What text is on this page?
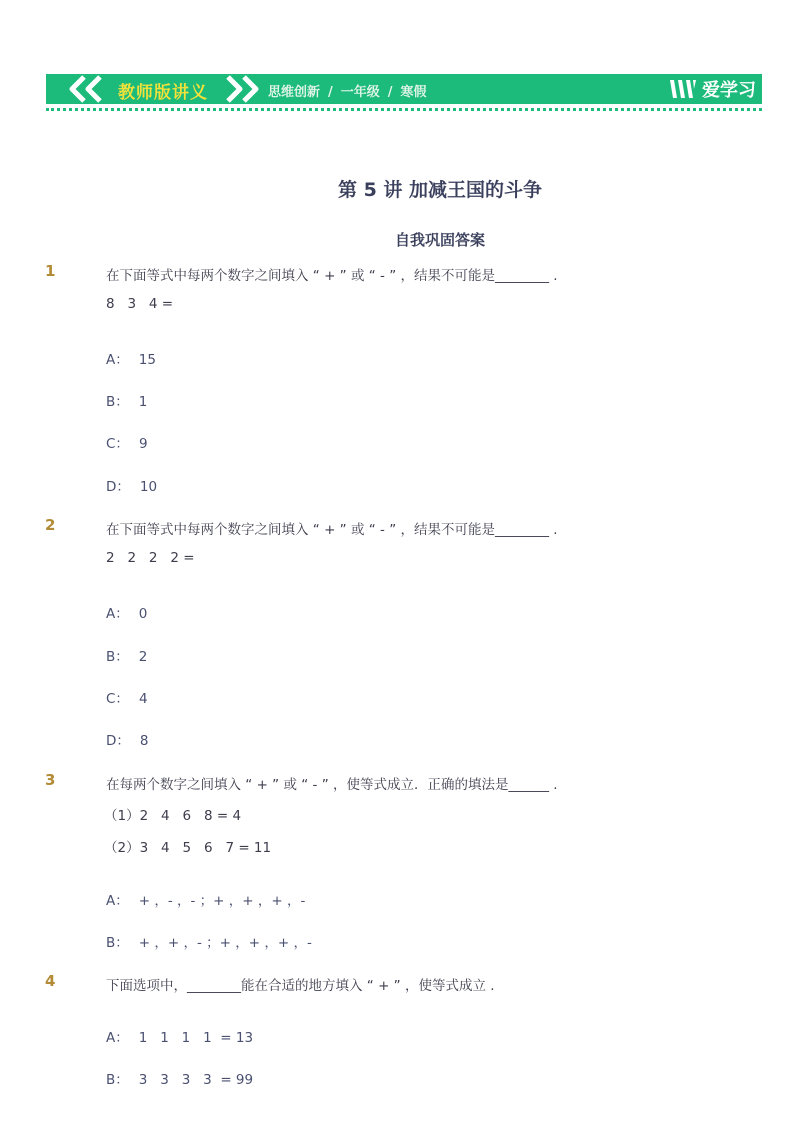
教师版讲义	思维创新 / 一年级 / 寒假	爱学习
第 5 讲 加减王国的斗争
自我巩固答案
1	在下面等式中每两个数字之间填入 “ + ” 或 “ - ” ，结果不可能是________ .
8   3   4 =
A： 15
B： 1
C： 9
D： 10
2	在下面等式中每两个数字之间填入 “ + ” 或 “ - ” ，结果不可能是________ .
2   2   2   2 =
A： 0
B： 2
C： 4
D： 8
3	在每两个数字之间填入 “ + ” 或 “ - ” ，使等式成立．正确的填法是______ .
（1）2   4   6   8 = 4
（2）3   4   5   6   7 = 11
A： + ，- ，- ；+ ，+ ，+ ，-
B： + ，+ ，- ；+ ，+ ，+ ，-
4	下面选项中，________能在合适的地方填入 “ + ” ，使等式成立 .
A： 1   1   1   1  = 13
B： 3   3   3   3  = 99
